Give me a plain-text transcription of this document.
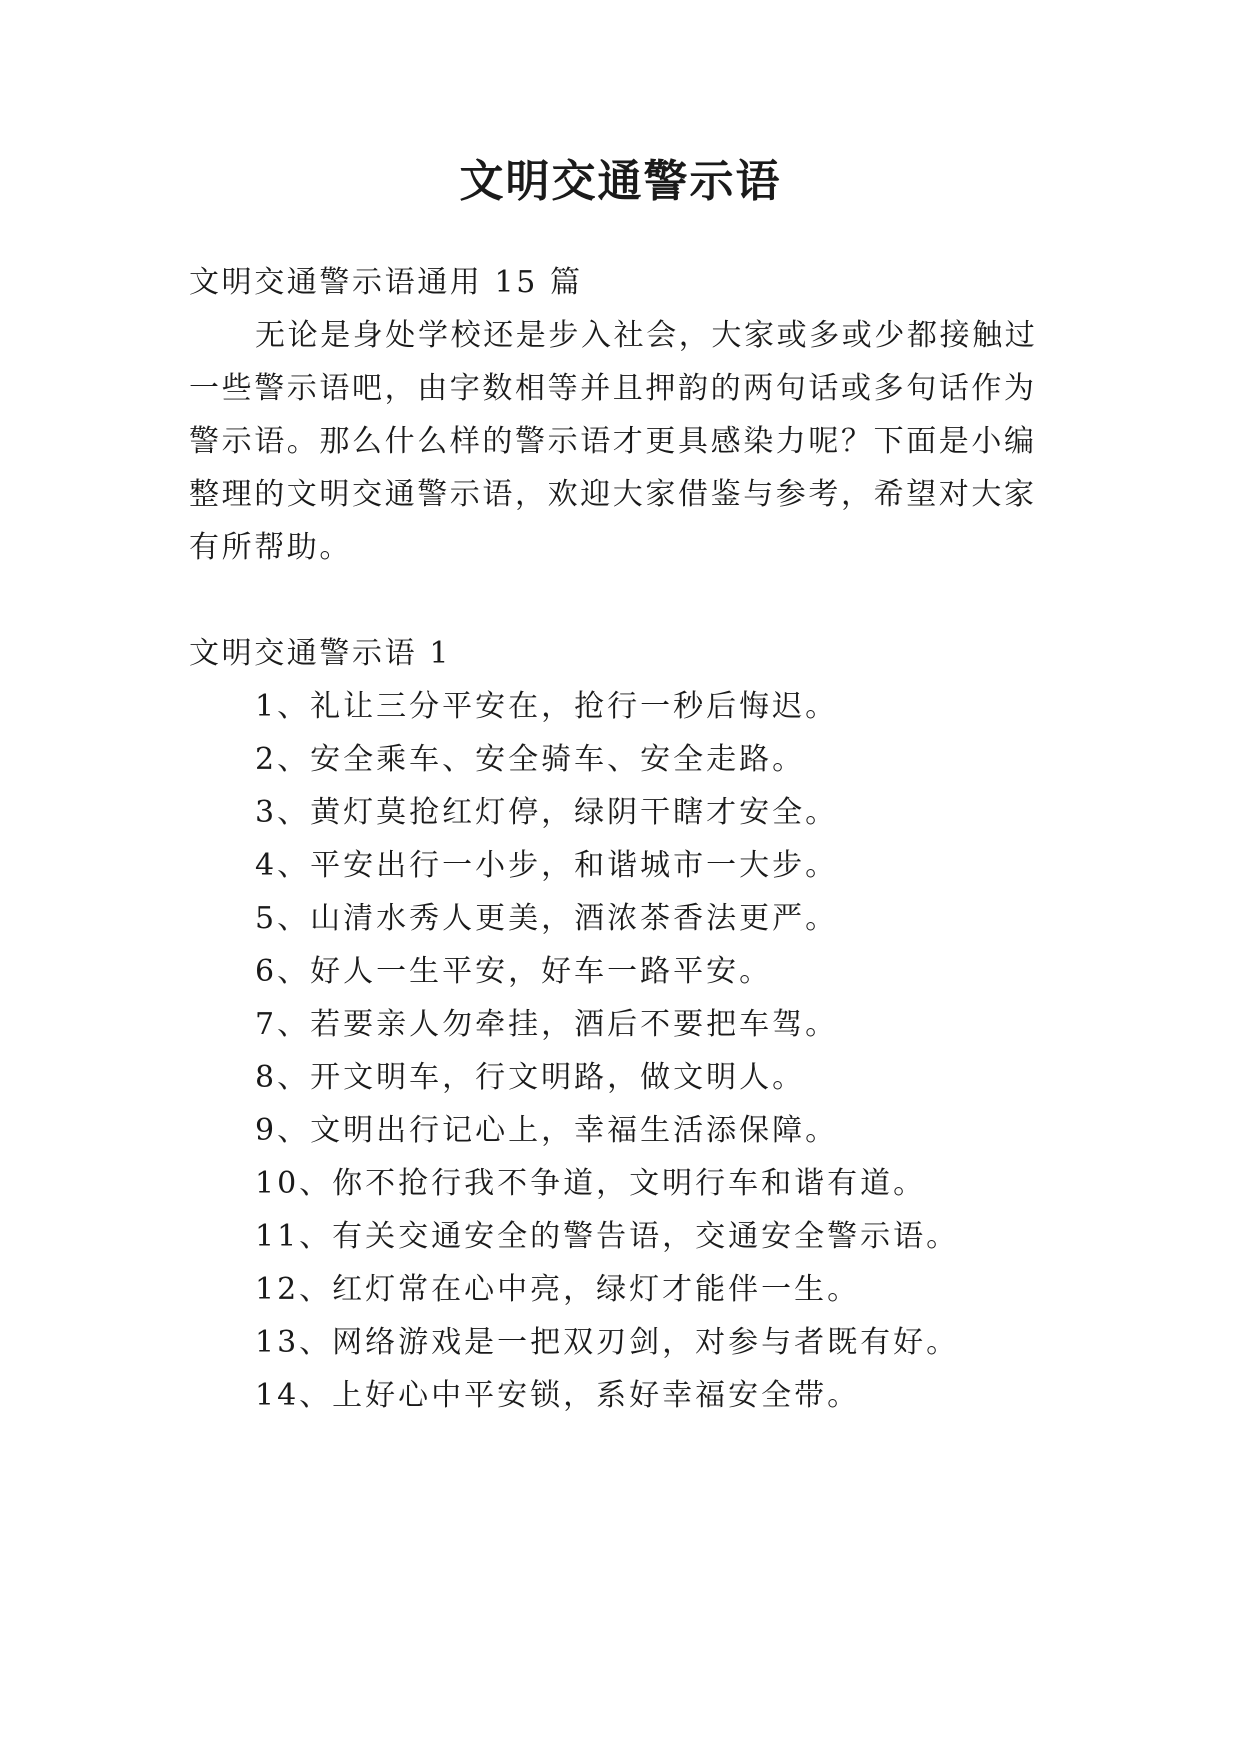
文明交通警示语

文明交通警示语通用 15 篇

无论是身处学校还是步入社会，大家或多或少都接触过

一些警示语吧，由字数相等并且押韵的两句话或多句话作为

警示语。那么什么样的警示语才更具感染力呢？下面是小编

整理的文明交通警示语，欢迎大家借鉴与参考，希望对大家

有所帮助。

文明交通警示语 1

1、礼让三分平安在，抢行一秒后悔迟。

2、安全乘车、安全骑车、安全走路。

3、黄灯莫抢红灯停，绿阴干瞎才安全。

4、平安出行一小步，和谐城市一大步。

5、山清水秀人更美，酒浓茶香法更严。

6、好人一生平安，好车一路平安。

7、若要亲人勿牵挂，酒后不要把车驾。

8、开文明车，行文明路，做文明人。

9、文明出行记心上，幸福生活添保障。

10、你不抢行我不争道，文明行车和谐有道。

11、有关交通安全的警告语，交通安全警示语。

12、红灯常在心中亮，绿灯才能伴一生。

13、网络游戏是一把双刃剑，对参与者既有好。

14、上好心中平安锁，系好幸福安全带。
